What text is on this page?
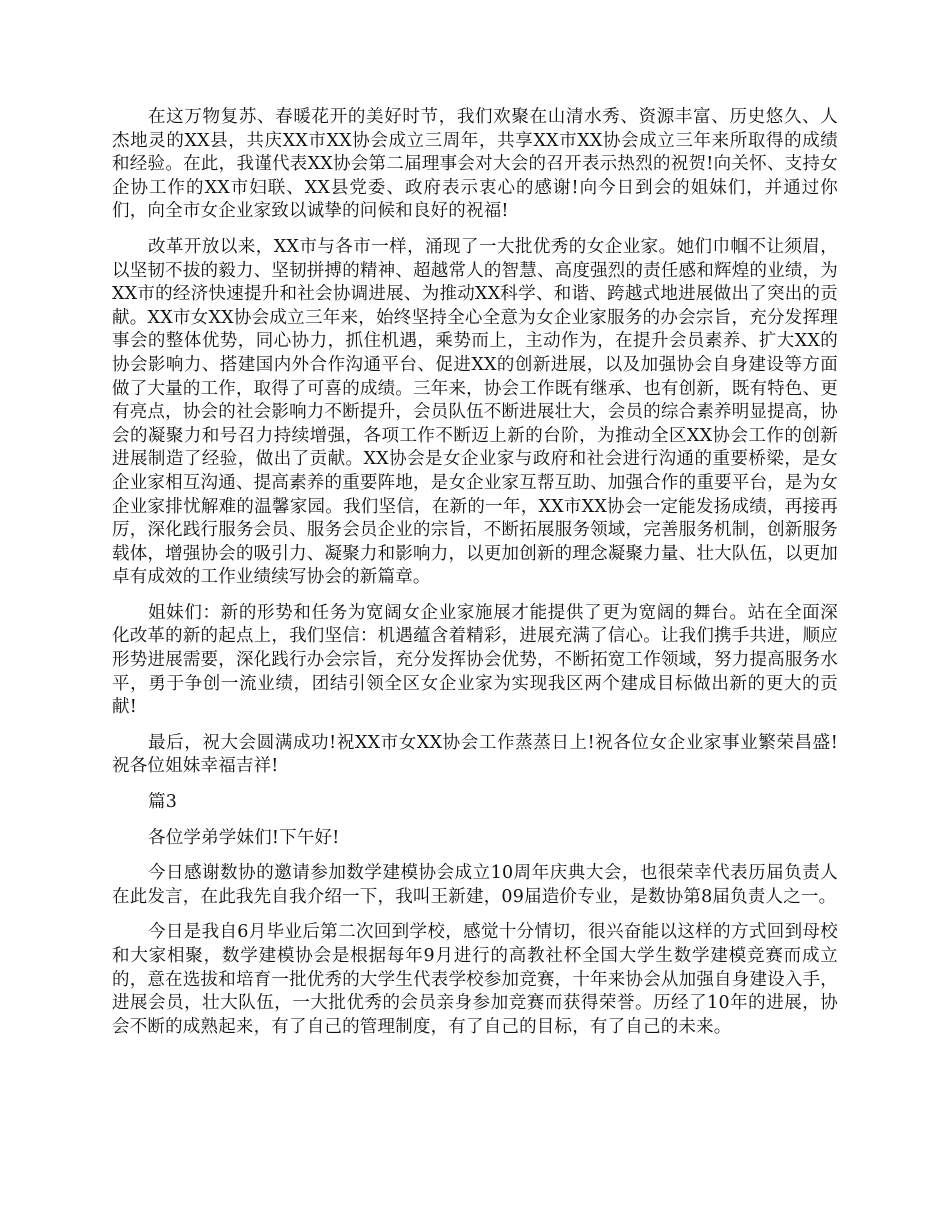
在这万物复苏、春暖花开的美好时节，我们欢聚在山清水秀、资源丰富、历史悠久、人杰地灵的XX县，共庆XX市XX协会成立三周年，共享XX市XX协会成立三年来所取得的成绩和经验。在此，我谨代表XX协会第二届理事会对大会的召开表示热烈的祝贺!向关怀、支持女企协工作的XX市妇联、XX县党委、政府表示衷心的感谢!向今日到会的姐妹们，并通过你们，向全市女企业家致以诚挚的问候和良好的祝福!

改革开放以来，XX市与各市一样，涌现了一大批优秀的女企业家。她们巾帼不让须眉，以坚韧不拔的毅力、坚韧拼搏的精神、超越常人的智慧、高度强烈的责任感和辉煌的业绩，为XX市的经济快速提升和社会协调进展、为推动XX科学、和谐、跨越式地进展做出了突出的贡献。XX市女XX协会成立三年来，始终坚持全心全意为女企业家服务的办会宗旨，充分发挥理事会的整体优势，同心协力，抓住机遇，乘势而上，主动作为，在提升会员素养、扩大XX的协会影响力、搭建国内外合作沟通平台、促进XX的创新进展，以及加强协会自身建设等方面做了大量的工作，取得了可喜的成绩。三年来，协会工作既有继承、也有创新，既有特色、更有亮点，协会的社会影响力不断提升，会员队伍不断进展壮大，会员的综合素养明显提高，协会的凝聚力和号召力持续增强，各项工作不断迈上新的台阶，为推动全区XX协会工作的创新进展制造了经验，做出了贡献。XX协会是女企业家与政府和社会进行沟通的重要桥梁，是女企业家相互沟通、提高素养的重要阵地，是女企业家互帮互助、加强合作的重要平台，是为女企业家排忧解难的温馨家园。我们坚信，在新的一年，XX市XX协会一定能发扬成绩，再接再厉，深化践行服务会员、服务会员企业的宗旨，不断拓展服务领域，完善服务机制，创新服务载体，增强协会的吸引力、凝聚力和影响力，以更加创新的理念凝聚力量、壮大队伍，以更加卓有成效的工作业绩续写协会的新篇章。

姐妹们：新的形势和任务为宽阔女企业家施展才能提供了更为宽阔的舞台。站在全面深化改革的新的起点上，我们坚信：机遇蕴含着精彩，进展充满了信心。让我们携手共进，顺应形势进展需要，深化践行办会宗旨，充分发挥协会优势，不断拓宽工作领域，努力提高服务水平，勇于争创一流业绩，团结引领全区女企业家为实现我区两个建成目标做出新的更大的贡献!

最后，祝大会圆满成功!祝XX市女XX协会工作蒸蒸日上!祝各位女企业家事业繁荣昌盛!祝各位姐妹幸福吉祥!

篇3

各位学弟学妹们!下午好!

今日感谢数协的邀请参加数学建模协会成立10周年庆典大会，也很荣幸代表历届负责人在此发言，在此我先自我介绍一下，我叫王新建，09届造价专业，是数协第8届负责人之一。

今日是我自6月毕业后第二次回到学校，感觉十分情切，很兴奋能以这样的方式回到母校和大家相聚，数学建模协会是根据每年9月进行的高教社杯全国大学生数学建模竞赛而成立的，意在选拔和培育一批优秀的大学生代表学校参加竞赛，十年来协会从加强自身建设入手，进展会员，壮大队伍，一大批优秀的会员亲身参加竞赛而获得荣誉。历经了10年的进展，协会不断的成熟起来，有了自己的管理制度，有了自己的目标，有了自己的未来。
